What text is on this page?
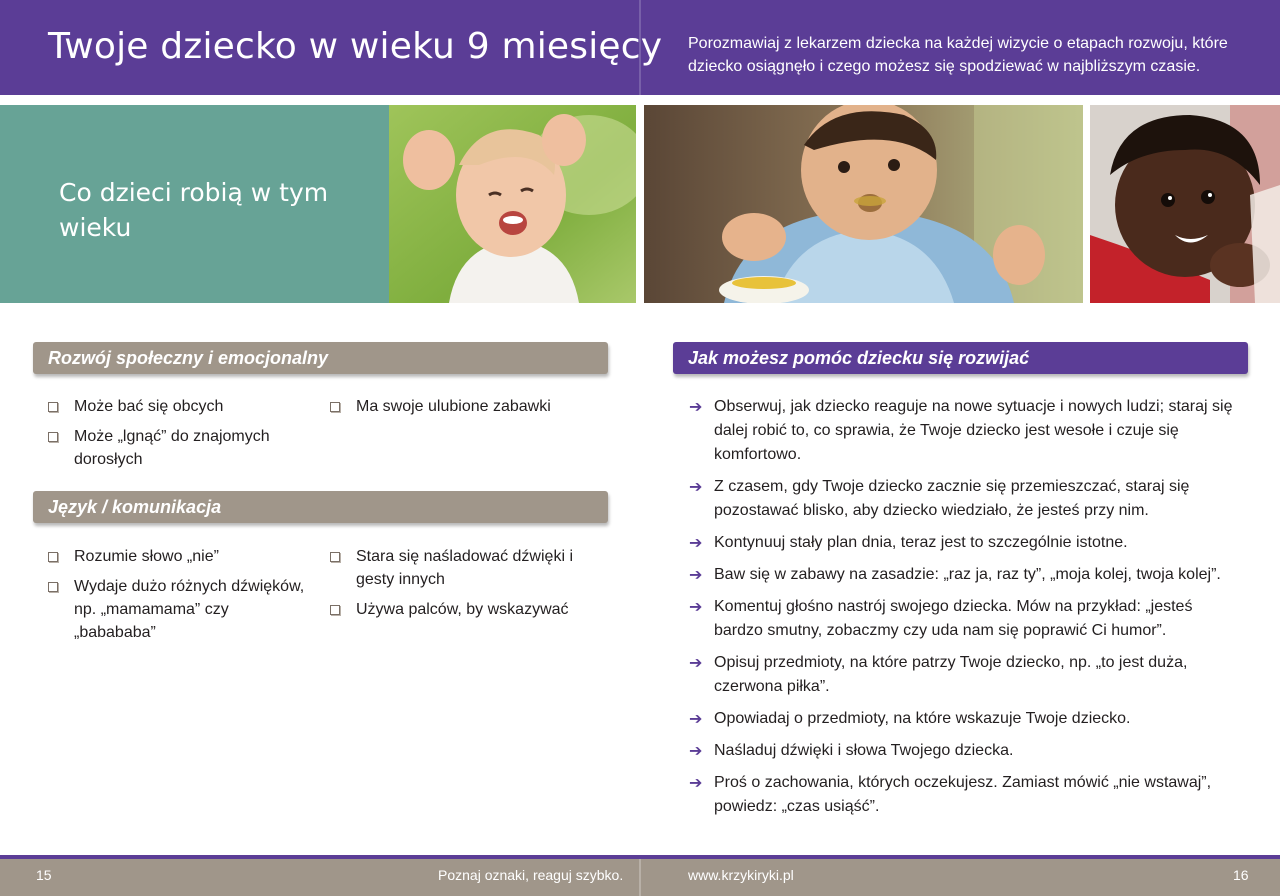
Twoje dziecko w wieku 9 miesięcy Porozmawiaj z lekarzem dziecka na każdej wizycie o etapach rozwoju, które dziecko osiągnęło i czego możesz się spodziewać w najbliższym czasie.
Co dzieci robią w tym wieku
Rozwój społeczny i emocjonalny
Może bać się obcych
Może „lgnąć” do znajomych dorosłych
Ma swoje ulubione zabawki
Język / komunikacja
Rozumie słowo „nie”
Wydaje dużo różnych dźwięków, np. „mamamama” czy „babababa”
Stara się naśladować dźwięki i gesty innych
Używa palców, by wskazywać
Jak możesz pomóc dziecku się rozwijać
➔ Obserwuj, jak dziecko reaguje na nowe sytuacje i nowych ludzi; staraj się dalej robić to, co sprawia, że Twoje dziecko jest wesołe i czuje się komfortowo.
➔ Z czasem, gdy Twoje dziecko zacznie się przemieszczać, staraj się pozostawać blisko, aby dziecko wiedziało, że jesteś przy nim.
➔ Kontynuuj stały plan dnia, teraz jest to szczególnie istotne.
➔ Baw się w zabawy na zasadzie: „raz ja, raz ty”, „moja kolej, twoja kolej”.
➔ Komentuj głośno nastrój swojego dziecka. Mów na przykład: „jesteś bardzo smutny, zobaczmy czy uda nam się poprawić Ci humor”.
➔ Opisuj przedmioty, na które patrzy Twoje dziecko, np. „to jest duża, czerwona piłka”.
➔ Opowiadaj o przedmioty, na które wskazuje Twoje dziecko.
➔ Naśladuj dźwięki i słowa Twojego dziecka.
➔ Proś o zachowania, których oczekujesz. Zamiast mówić „nie wstawaj”, powiedz: „czas usiąść”.
15	Poznaj oznaki, reaguj szybko.	www.krzykiryki.pl	16
